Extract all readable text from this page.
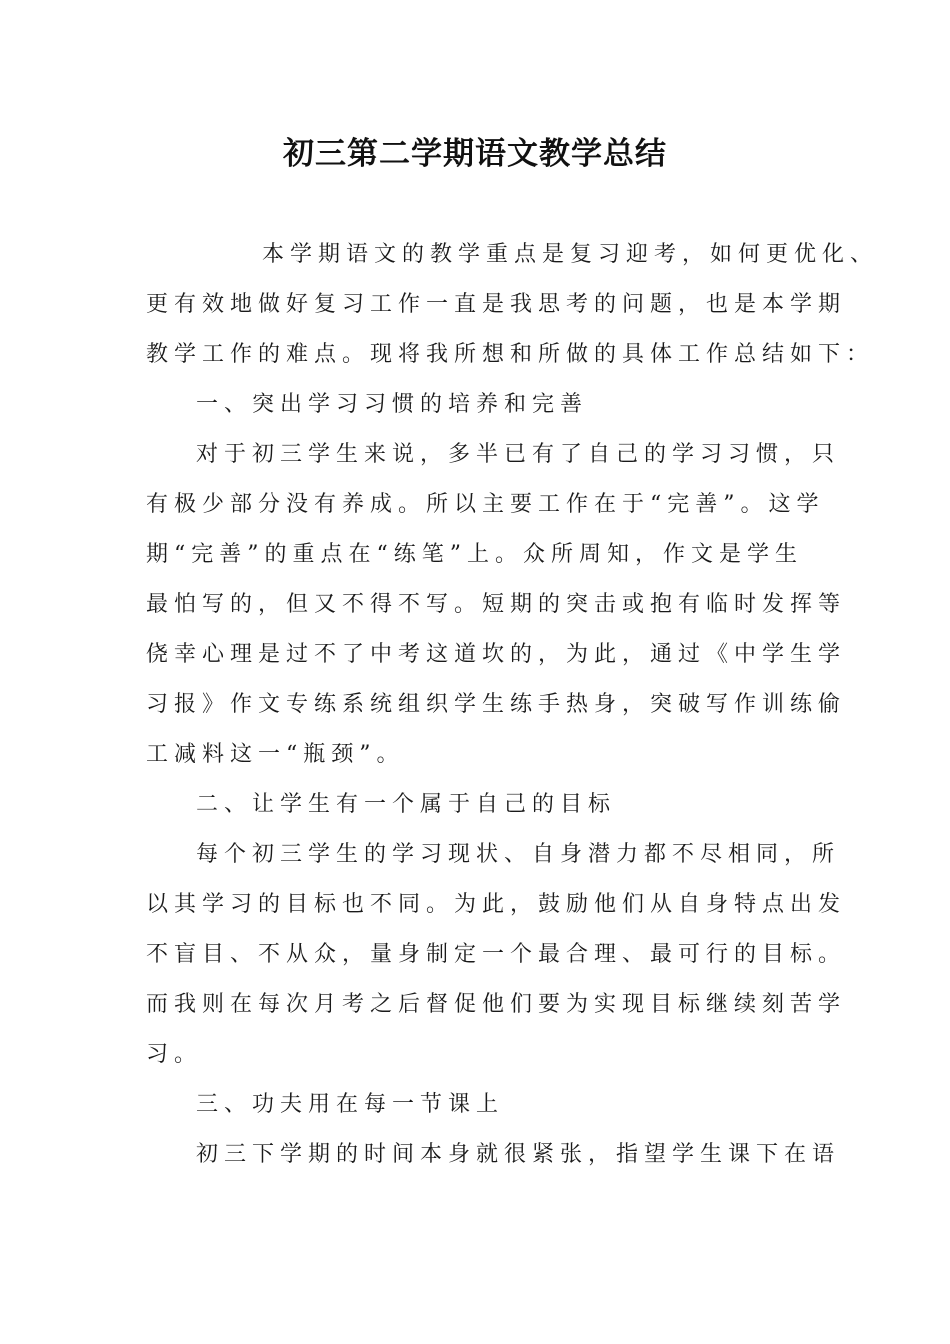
初三第二学期语文教学总结
本学期语文的教学重点是复习迎考，如何更优化、
更有效地做好复习工作一直是我思考的问题，也是本学期
教学工作的难点。现将我所想和所做的具体工作总结如下：
一、突出学习习惯的培养和完善
对于初三学生来说，多半已有了自己的学习习惯，只
有极少部分没有养成。所以主要工作在于“完善”。这学
期“完善”的重点在“练笔”上。众所周知，作文是学生
最怕写的，但又不得不写。短期的突击或抱有临时发挥等
侥幸心理是过不了中考这道坎的，为此，通过《中学生学
习报》作文专练系统组织学生练手热身，突破写作训练偷
工减料这一“瓶颈”。
二、让学生有一个属于自己的目标
每个初三学生的学习现状、自身潜力都不尽相同，所
以其学习的目标也不同。为此，鼓励他们从自身特点出发
不盲目、不从众，量身制定一个最合理、最可行的目标。
而我则在每次月考之后督促他们要为实现目标继续刻苦学
习。
三、功夫用在每一节课上
初三下学期的时间本身就很紧张，指望学生课下在语
